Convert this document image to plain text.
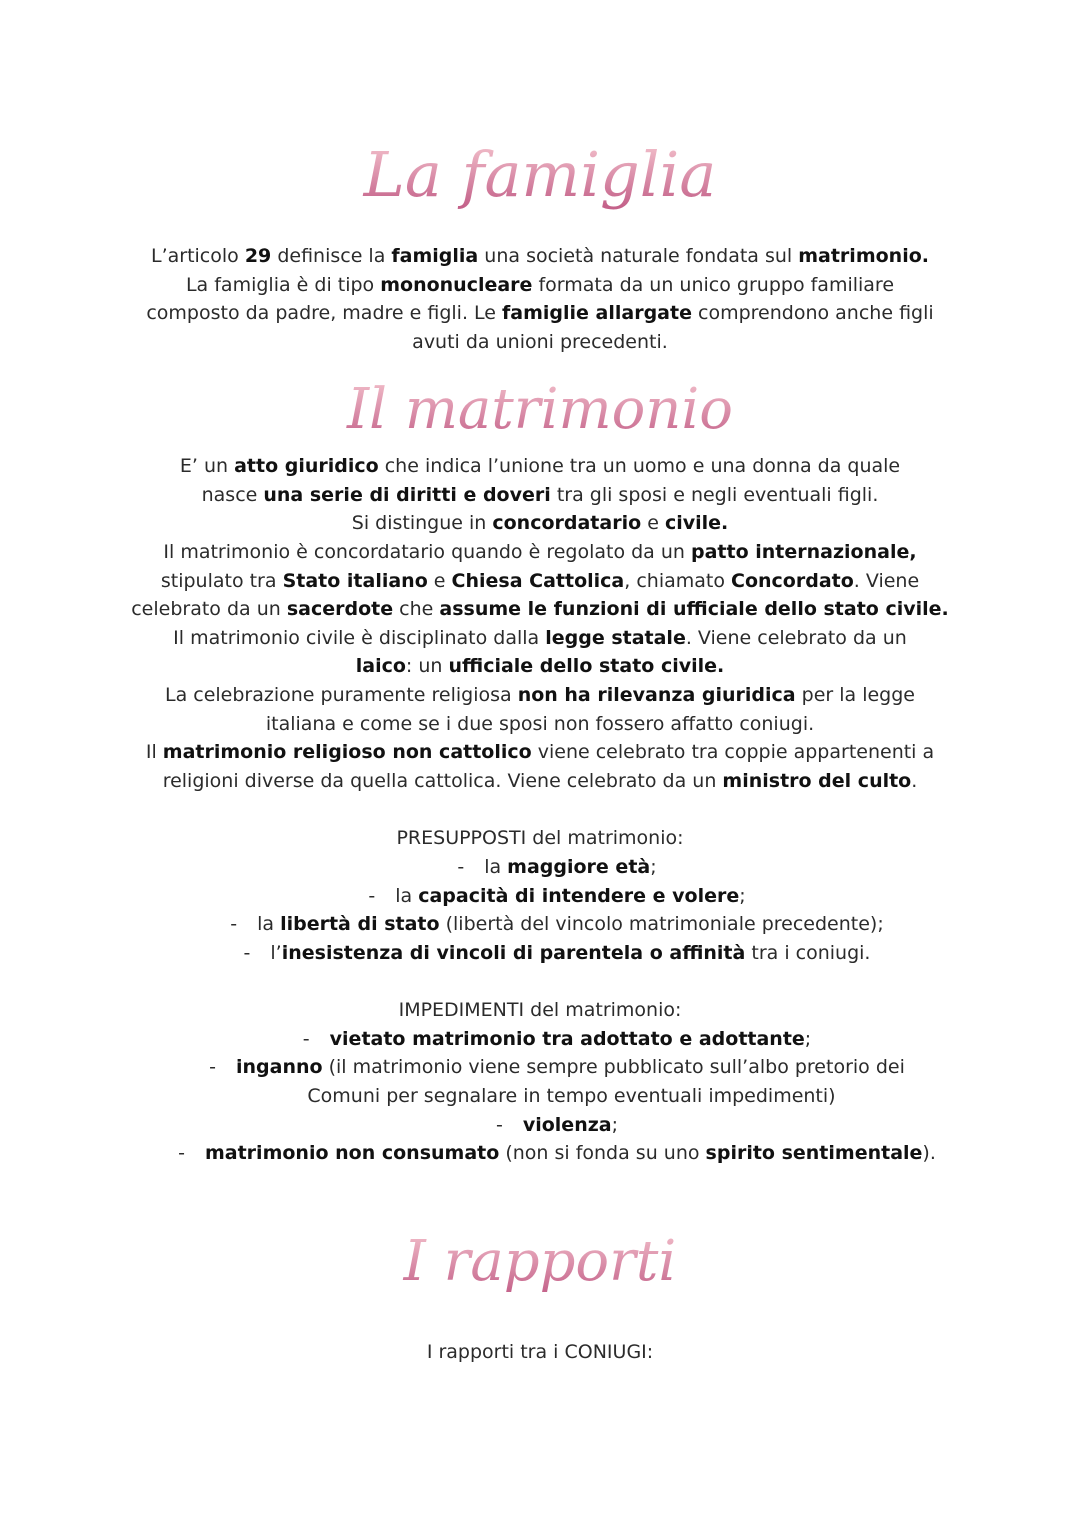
La famiglia
L’articolo 29 definisce la famiglia una società naturale fondata sul matrimonio.
La famiglia è di tipo mononucleare formata da un unico gruppo familiare
composto da padre, madre e figli. Le famiglie allargate comprendono anche figli
avuti da unioni precedenti.
Il matrimonio
E’ un atto giuridico che indica l’unione tra un uomo e una donna da quale
nasce una serie di diritti e doveri tra gli sposi e negli eventuali figli.
Si distingue in concordatario e civile.
Il matrimonio è concordatario quando è regolato da un patto internazionale,
stipulato tra Stato italiano e Chiesa Cattolica, chiamato Concordato. Viene
celebrato da un sacerdote che assume le funzioni di ufficiale dello stato civile.
Il matrimonio civile è disciplinato dalla legge statale. Viene celebrato da un
laico: un ufficiale dello stato civile.
La celebrazione puramente religiosa non ha rilevanza giuridica per la legge
italiana e come se i due sposi non fossero affatto coniugi.
Il matrimonio religioso non cattolico viene celebrato tra coppie appartenenti a
religioni diverse da quella cattolica. Viene celebrato da un ministro del culto.
PRESUPPOSTI del matrimonio:
- la maggiore età;
- la capacità di intendere e volere;
- la libertà di stato (libertà del vincolo matrimoniale precedente);
- l’inesistenza di vincoli di parentela o affinità tra i coniugi.
IMPEDIMENTI del matrimonio:
- vietato matrimonio tra adottato e adottante;
- inganno (il matrimonio viene sempre pubblicato sull’albo pretorio dei
Comuni per segnalare in tempo eventuali impedimenti)
- violenza;
- matrimonio non consumato (non si fonda su uno spirito sentimentale).
I rapporti
I rapporti tra i CONIUGI:
